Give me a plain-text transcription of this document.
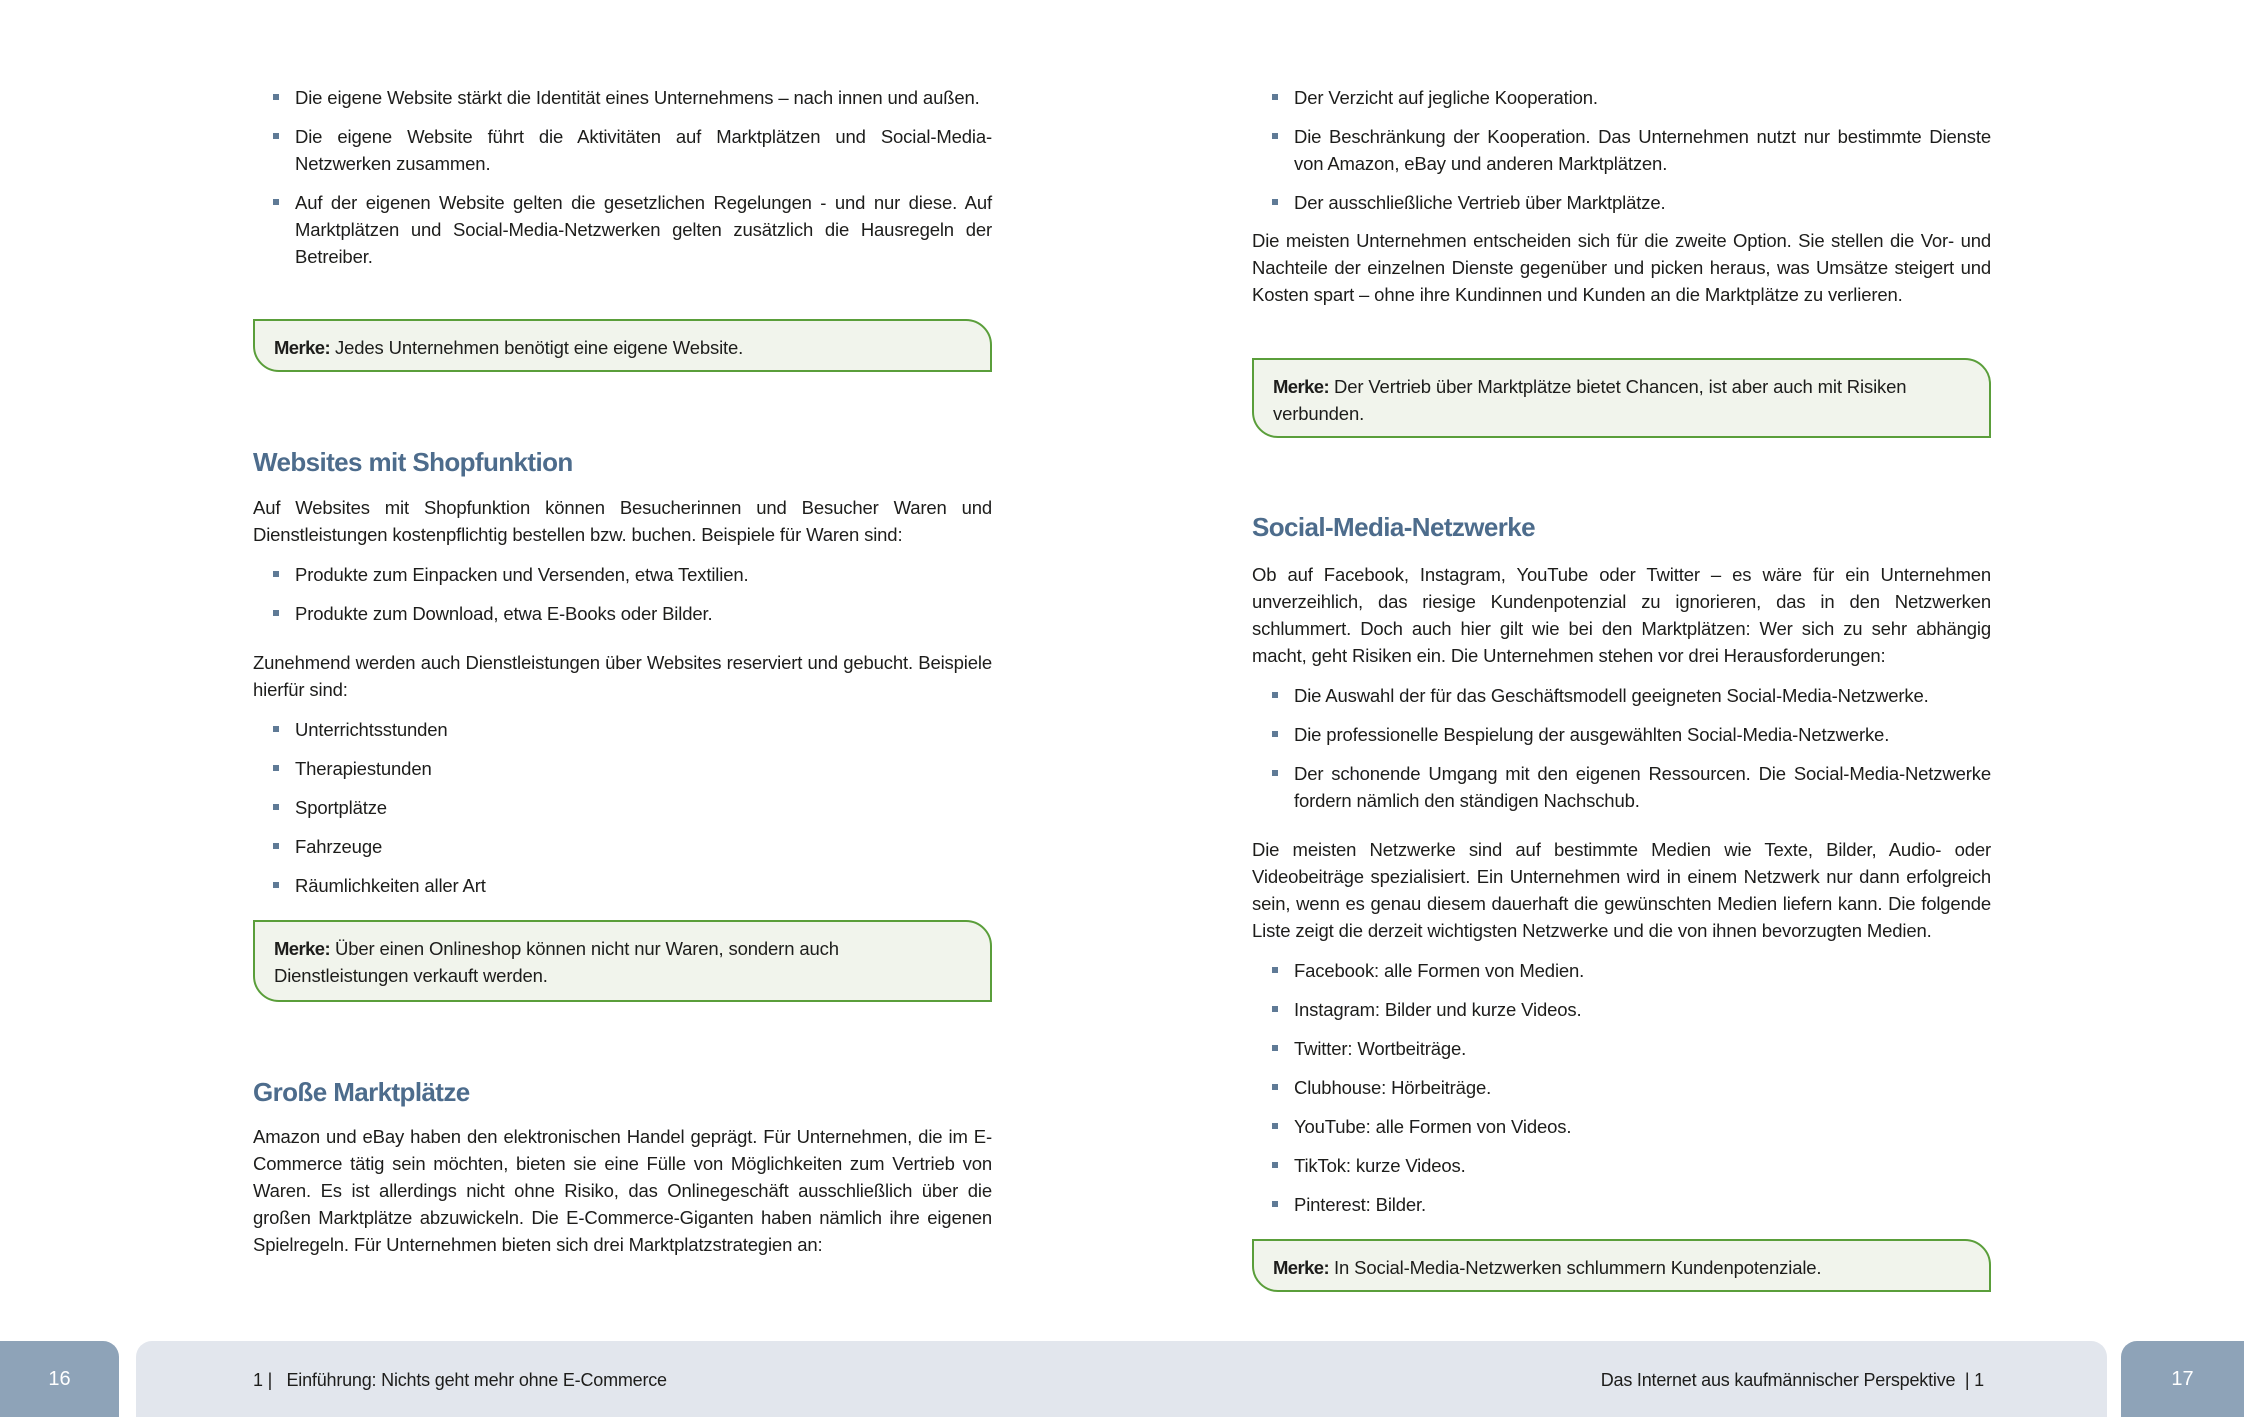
Die eigene Website stärkt die Identität eines Unternehmens – nach innen und außen.
Die eigene Website führt die Aktivitäten auf Marktplätzen und Social-Media-Netzwerken zusammen.
Auf der eigenen Website gelten die gesetzlichen Regelungen - und nur diese. Auf Marktplätzen und Social-Media-Netzwerken gelten zusätzlich die Hausregeln der Betreiber.
Merke: Jedes Unternehmen benötigt eine eigene Website.
Websites mit Shopfunktion

Auf Websites mit Shopfunktion können Besucherinnen und Besucher Waren und Dienstleistungen kostenpflichtig bestellen bzw. buchen. Beispiele für Waren sind:

Produkte zum Einpacken und Versenden, etwa Textilien.
Produkte zum Download, etwa E-Books oder Bilder.

Zunehmend werden auch Dienstleistungen über Websites reserviert und gebucht. Beispiele hierfür sind:

Unterrichtsstunden
Therapiestunden
Sportplätze
Fahrzeuge
Räumlichkeiten aller Art
Merke: Über einen Onlineshop können nicht nur Waren, sondern auch Dienstleistungen verkauft werden.
Große Marktplätze

Amazon und eBay haben den elektronischen Handel geprägt. Für Unternehmen, die im E-Commerce tätig sein möchten, bieten sie eine Fülle von Möglichkeiten zum Vertrieb von Waren. Es ist allerdings nicht ohne Risiko, das Onlinegeschäft ausschließlich über die großen Marktplätze abzuwickeln. Die E-Commerce-Giganten haben nämlich ihre eigenen Spielregeln. Für Unternehmen bieten sich drei Marktplatzstrategien an:

Der Verzicht auf jegliche Kooperation.
Die Beschränkung der Kooperation. Das Unternehmen nutzt nur bestimmte Dienste von Amazon, eBay und anderen Marktplätzen.
Der ausschließliche Vertrieb über Marktplätze.

Die meisten Unternehmen entscheiden sich für die zweite Option. Sie stellen die Vor- und Nachteile der einzelnen Dienste gegenüber und picken heraus, was Umsätze steigert und Kosten spart – ohne ihre Kundinnen und Kunden an die Marktplätze zu verlieren.

Merke: Der Vertrieb über Marktplätze bietet Chancen, ist aber auch mit Risiken verbunden.
Social-Media-Netzwerke

Ob auf Facebook, Instagram, YouTube oder Twitter – es wäre für ein Unternehmen unverzeihlich, das riesige Kundenpotenzial zu ignorieren, das in den Netzwerken schlummert. Doch auch hier gilt wie bei den Marktplätzen: Wer sich zu sehr abhängig macht, geht Risiken ein. Die Unternehmen stehen vor drei Herausforderungen:

Die Auswahl der für das Geschäftsmodell geeigneten Social-Media-Netzwerke.
Die professionelle Bespielung der ausgewählten Social-Media-Netzwerke.
Der schonende Umgang mit den eigenen Ressourcen. Die Social-Media-Netzwerke fordern nämlich den ständigen Nachschub.

Die meisten Netzwerke sind auf bestimmte Medien wie Texte, Bilder, Audio- oder Videobeiträge spezialisiert. Ein Unternehmen wird in einem Netzwerk nur dann erfolgreich sein, wenn es genau diesem dauerhaft die gewünschten Medien liefern kann. Die folgende Liste zeigt die derzeit wichtigsten Netzwerke und die von ihnen bevorzugten Medien.

Facebook: alle Formen von Medien.
Instagram: Bilder und kurze Videos.
Twitter: Wortbeiträge.
Clubhouse: Hörbeiträge.
YouTube: alle Formen von Videos.
TikTok: kurze Videos.
Pinterest: Bilder.
Merke: In Social-Media-Netzwerken schlummern Kundenpotenziale.
16	1 |   Einführung: Nichts geht mehr ohne E-Commerce	Das Internet aus kaufmännischer Perspektive  | 1	17
